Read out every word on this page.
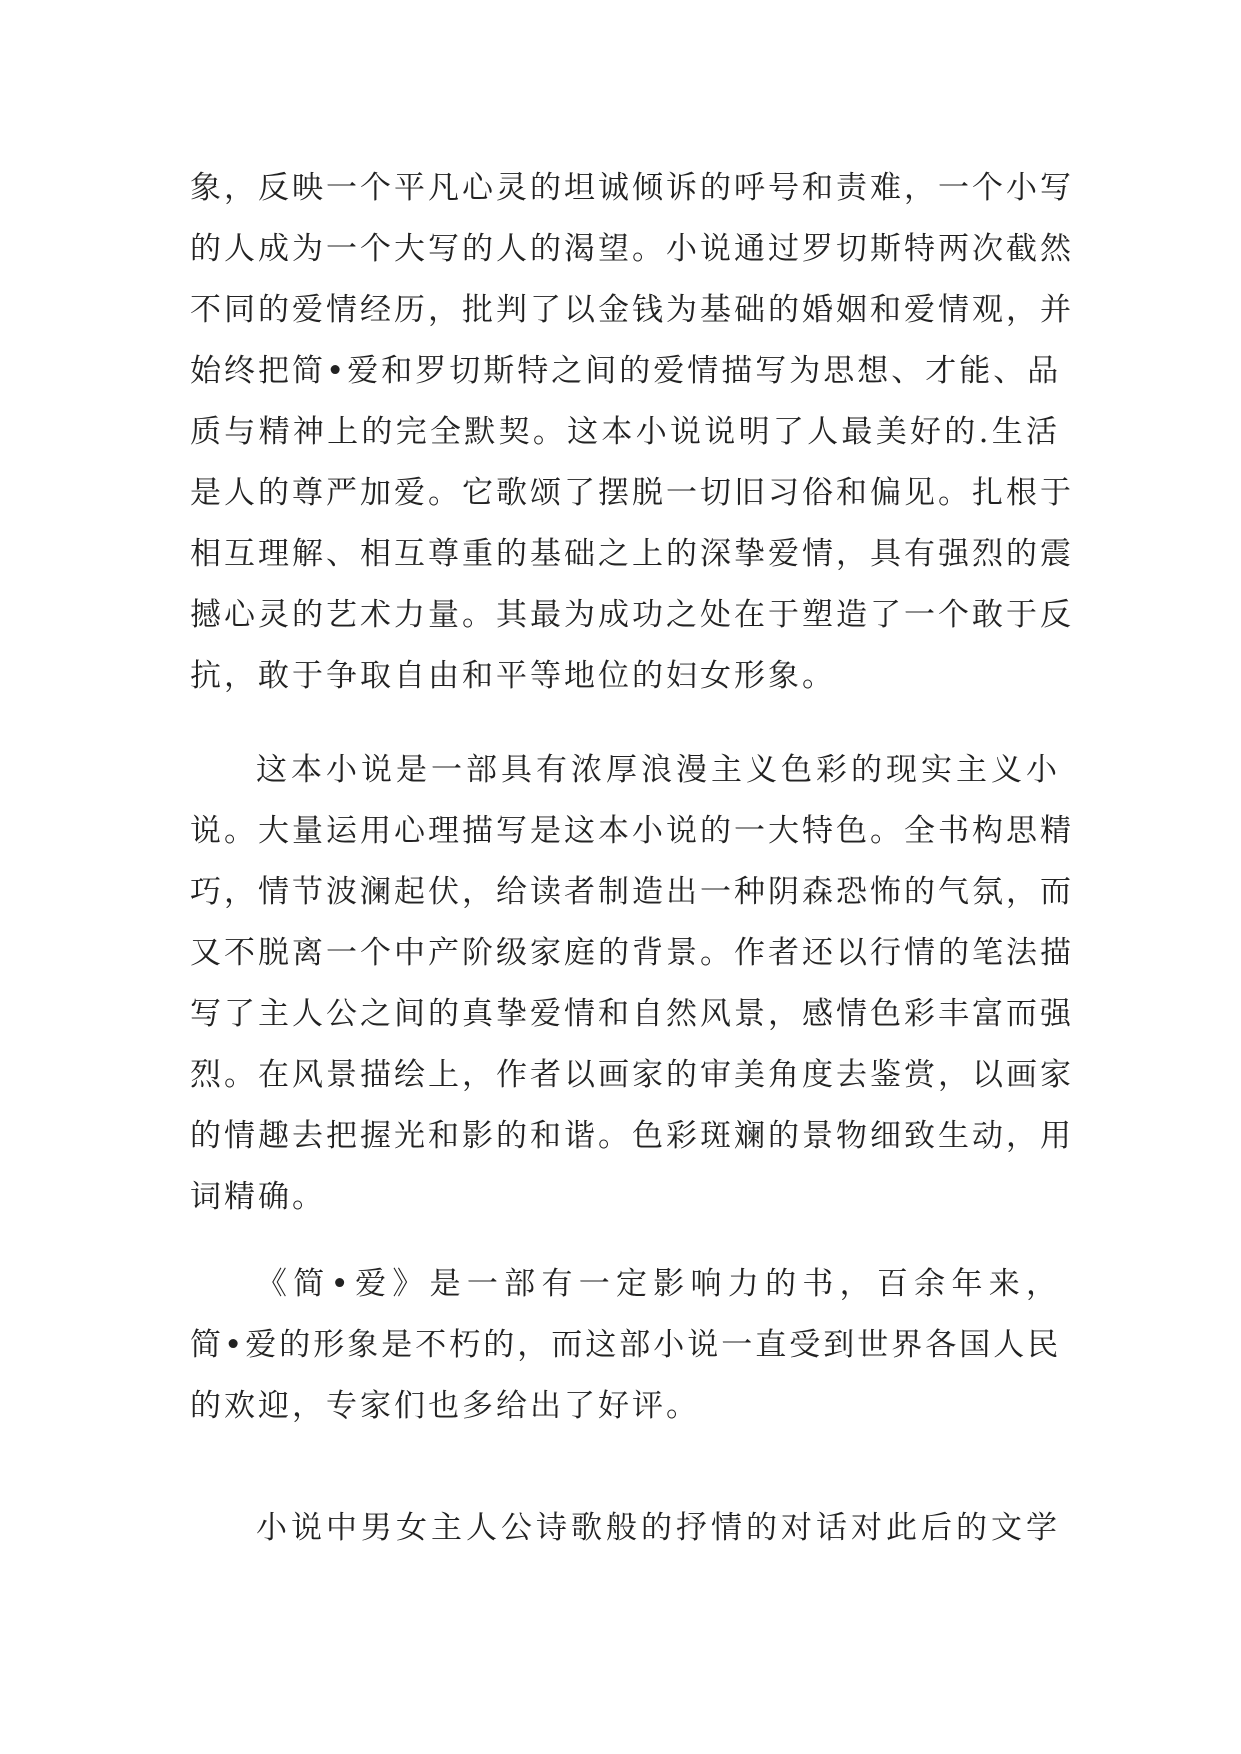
象，反映一个平凡心灵的坦诚倾诉的呼号和责难，一个小写
的人成为一个大写的人的渴望。小说通过罗切斯特两次截然
不同的爱情经历，批判了以金钱为基础的婚姻和爱情观，并
始终把简•爱和罗切斯特之间的爱情描写为思想、才能、品
质与精神上的完全默契。这本小说说明了人最美好的.生活
是人的尊严加爱。它歌颂了摆脱一切旧习俗和偏见。扎根于
相互理解、相互尊重的基础之上的深挚爱情，具有强烈的震
撼心灵的艺术力量。其最为成功之处在于塑造了一个敢于反
抗，敢于争取自由和平等地位的妇女形象。
这本小说是一部具有浓厚浪漫主义色彩的现实主义小
说。大量运用心理描写是这本小说的一大特色。全书构思精
巧，情节波澜起伏，给读者制造出一种阴森恐怖的气氛，而
又不脱离一个中产阶级家庭的背景。作者还以行情的笔法描
写了主人公之间的真挚爱情和自然风景，感情色彩丰富而强
烈。在风景描绘上，作者以画家的审美角度去鉴赏，以画家
的情趣去把握光和影的和谐。色彩斑斓的景物细致生动，用
词精确。
《简•爱》是一部有一定影响力的书，百余年来，
简•爱的形象是不朽的，而这部小说一直受到世界各国人民
的欢迎，专家们也多给出了好评。
小说中男女主人公诗歌般的抒情的对话对此后的文学
